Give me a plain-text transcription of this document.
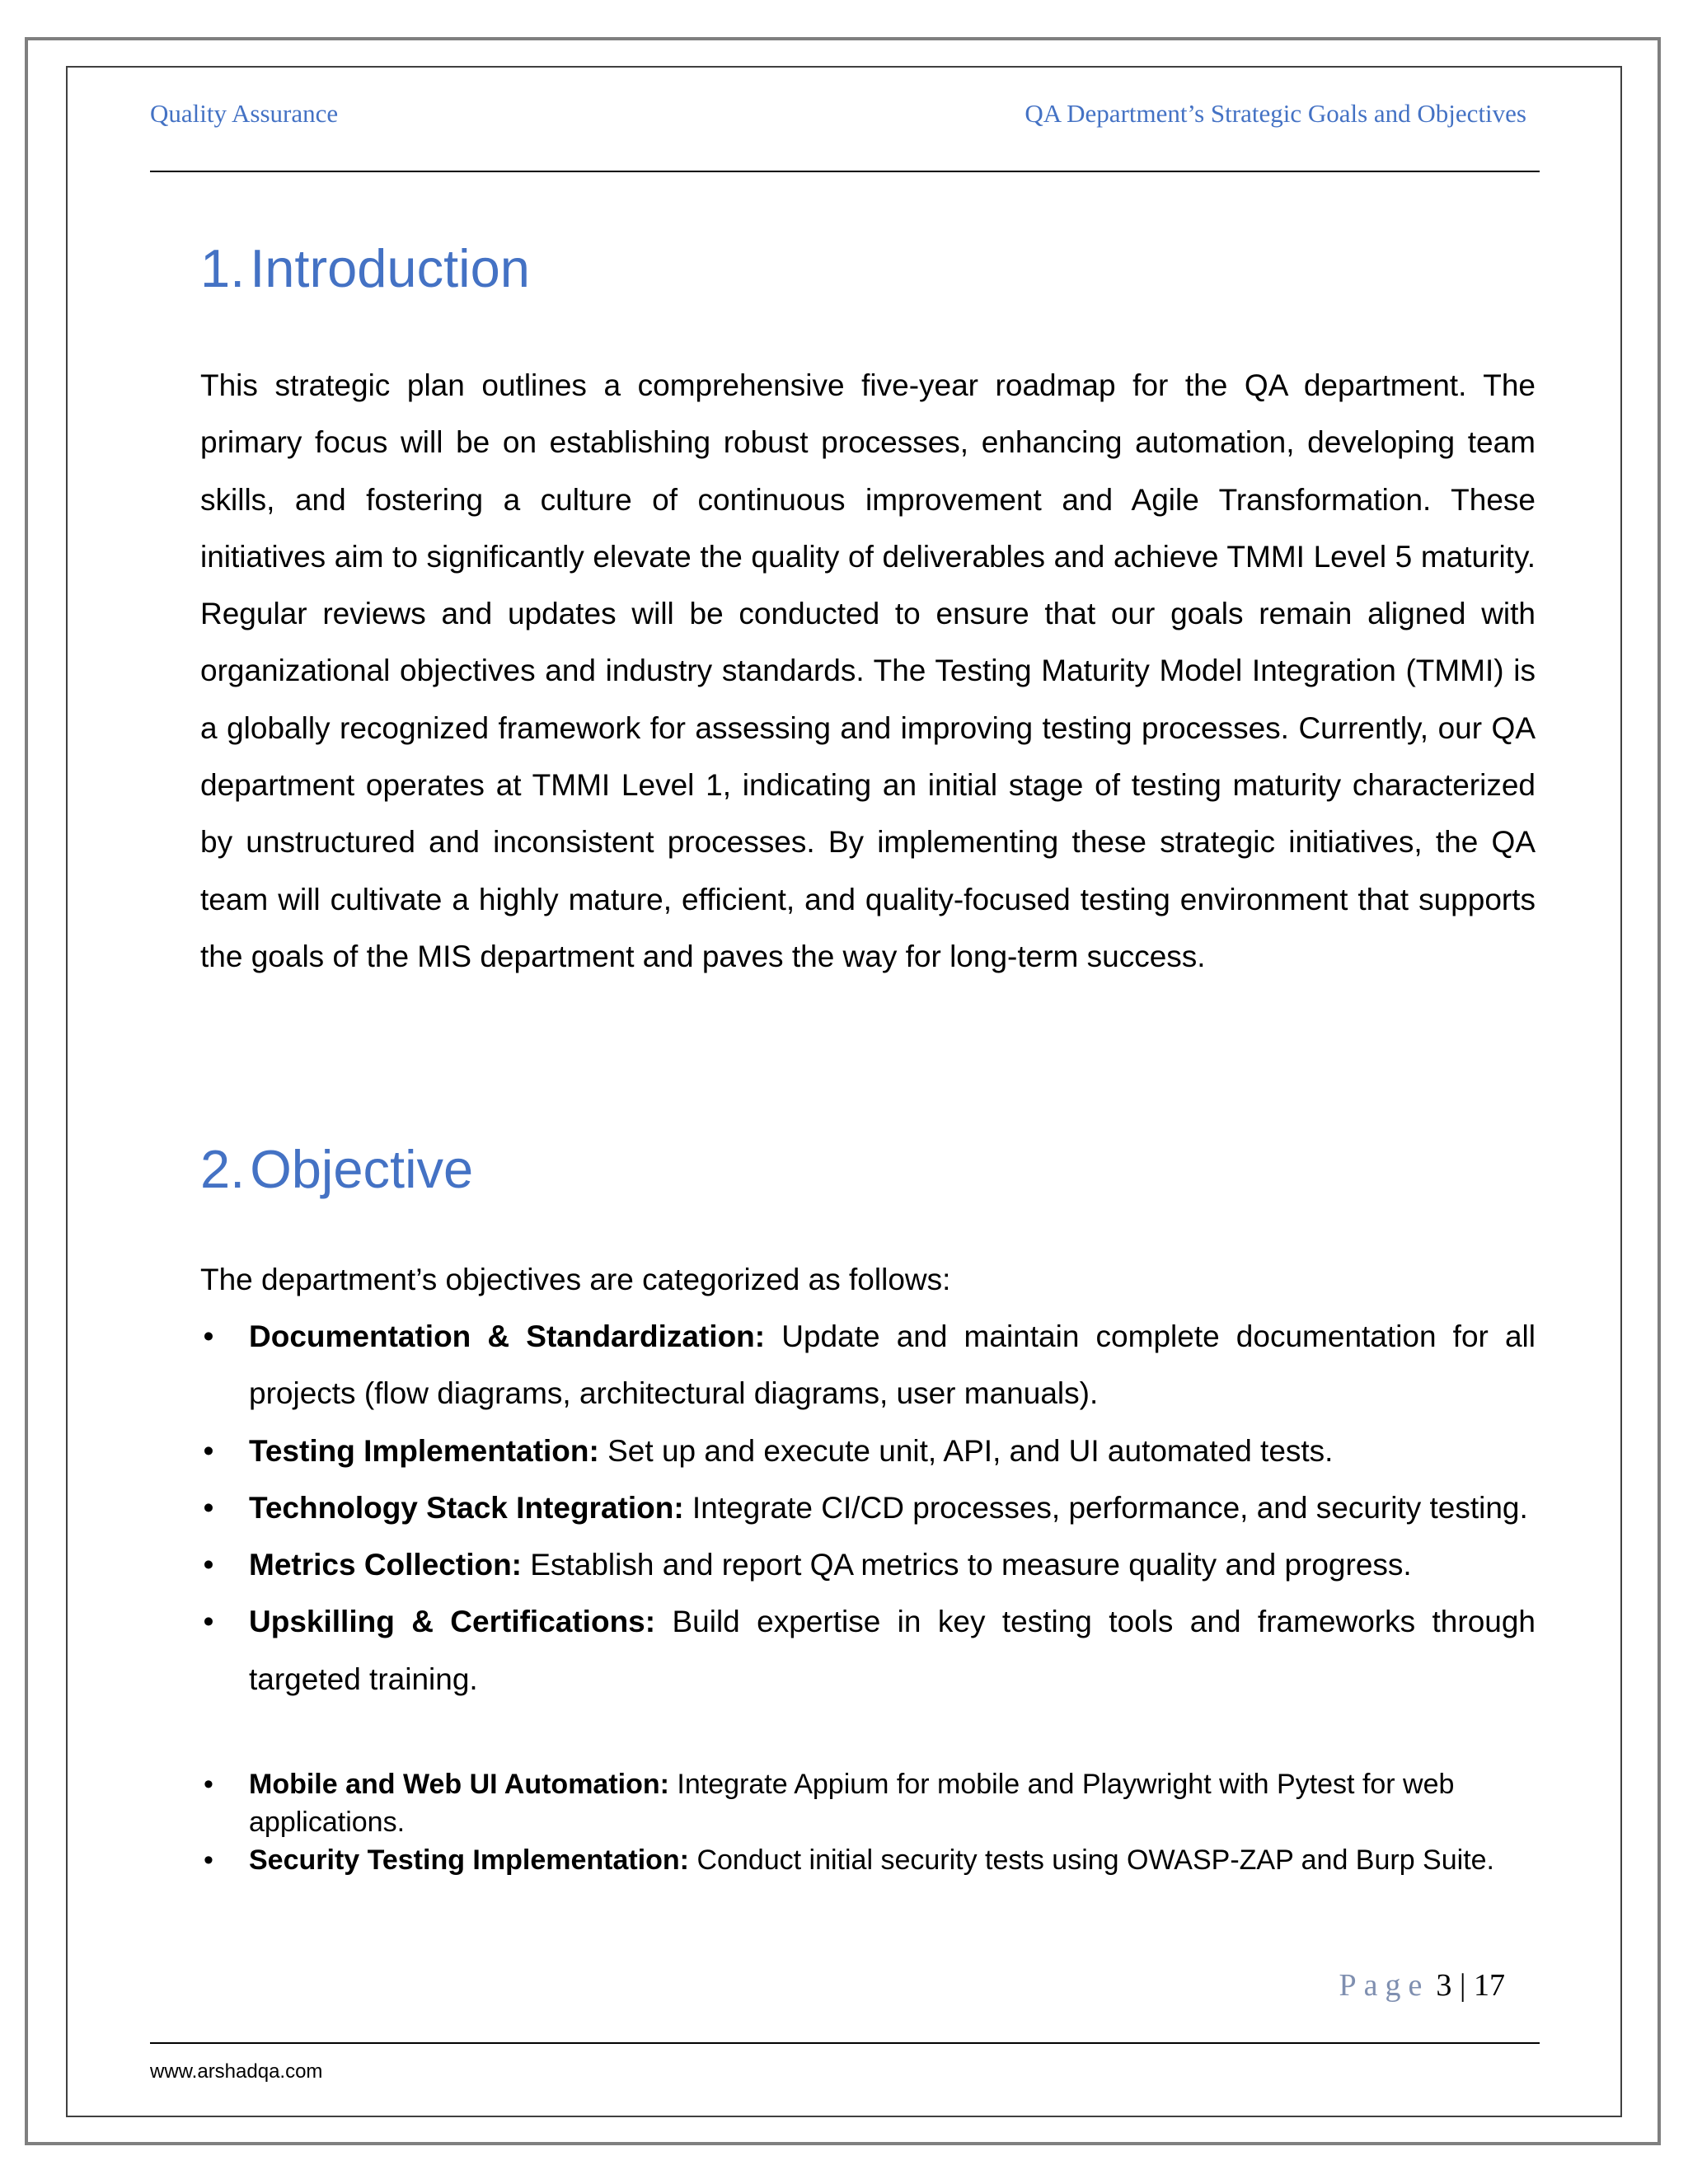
Quality Assurance	QA Department’s Strategic Goals and Objectives
1.Introduction

This strategic plan outlines a comprehensive five-year roadmap for the QA department. The primary focus will be on establishing robust processes, enhancing automation, developing team skills, and fostering a culture of continuous improvement and Agile Transformation. These initiatives aim to significantly elevate the quality of deliverables and achieve TMMI Level 5 maturity. Regular reviews and updates will be conducted to ensure that our goals remain aligned with organizational objectives and industry standards. The Testing Maturity Model Integration (TMMI) is a globally recognized framework for assessing and improving testing processes. Currently, our QA department operates at TMMI Level 1, indicating an initial stage of testing maturity characterized by unstructured and inconsistent processes. By implementing these strategic initiatives, the QA team will cultivate a highly mature, efficient, and quality-focused testing environment that supports the goals of the MIS department and paves the way for long-term success.

2.Objective

The department’s objectives are categorized as follows:

•
Documentation & Standardization: Update and maintain complete documentation for all projects (flow diagrams, architectural diagrams, user manuals).
•
Testing Implementation: Set up and execute unit, API, and UI automated tests.
•
Technology Stack Integration: Integrate CI/CD processes, performance, and security testing.
•
Metrics Collection: Establish and report QA metrics to measure quality and progress.
•
Upskilling & Certifications: Build expertise in key testing tools and frameworks through targeted training.
•
Mobile and Web UI Automation: Integrate Appium for mobile and Playwright with Pytest for web applications.
•
Security Testing Implementation: Conduct initial security tests using OWASP-ZAP and Burp Suite.
Page 3 | 17
www.arshadqa.com
